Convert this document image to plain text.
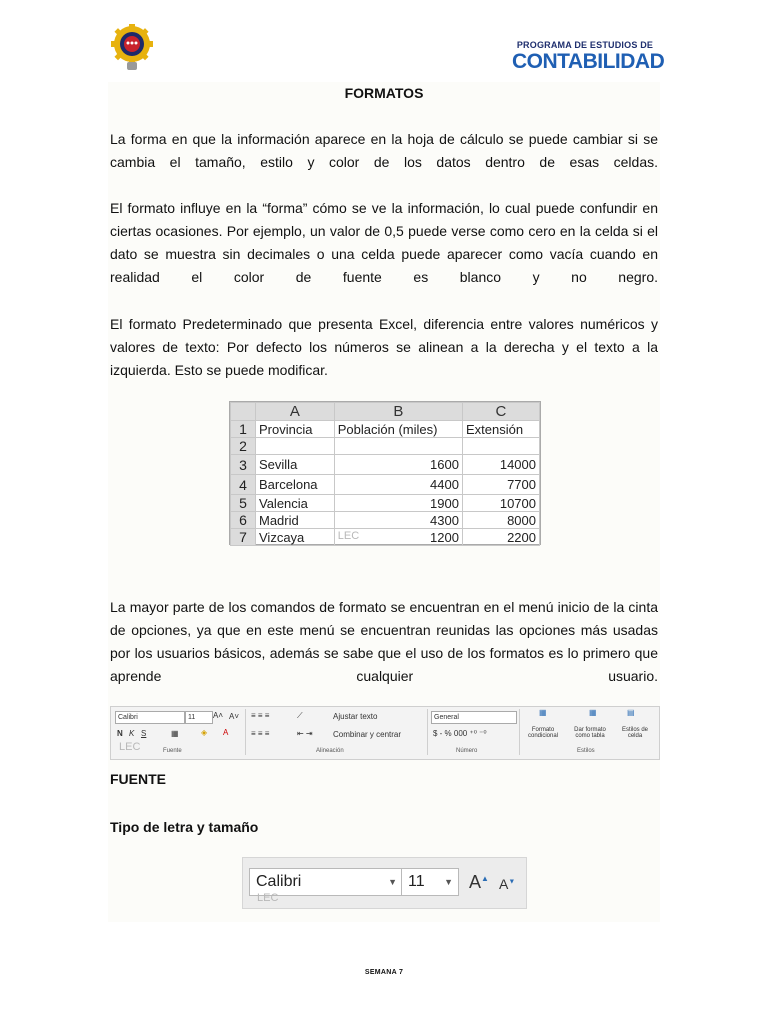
PROGRAMA DE ESTUDIOS DE
CONTABILIDAD
FORMATOS
La forma en que la información aparece en la hoja de cálculo se puede cambiar si se cambia el tamaño, estilo y color de los datos dentro de esas celdas.
El formato influye en la “forma” cómo se ve la información, lo cual puede confundir en ciertas ocasiones. Por ejemplo, un valor de 0,5 puede verse como cero en la celda si el dato se muestra sin decimales o una celda puede aparecer como vacía cuando en realidad el color de fuente es blanco y no negro.
El formato Predeterminado que presenta Excel, diferencia entre valores numéricos y valores de texto: Por defecto los números se alinean a la derecha y el texto a la izquierda. Esto se puede modificar.
	A	B	C
1	Provincia	Población (miles)	Extensión
2			
3	Sevilla	1600	14000
4	Barcelona	4400	7700
5	Valencia	1900	10700
6	Madrid	4300	8000
7	Vizcaya	LEC 1200	2200
La mayor parte de los comandos de formato se encuentran en el menú inicio de la cinta de opciones, ya que en este menú se encuentran reunidas las opciones más usadas por los usuarios básicos, además se sabe que el uso de los formatos es lo primero que aprende cualquier usuario.
Calibri	11	A˄ A˅
N K S	▦	◈ A
LEC	Fuente
≡ ≡ ≡	⟋	Ajustar texto
≡ ≡ ≡	⇤ ⇥	Combinar y centrar
Alineación
General
$ - % 000 ⁺⁰ ⁻⁰
Número
▦	▦	▤
Formato condicional
Dar formato como tabla
Estilos de celda
Estilos
FUENTE
Tipo de letra y tamaño
Calibri	▼ 11 ▼ A▲ A▼
LEC
SEMANA 7
